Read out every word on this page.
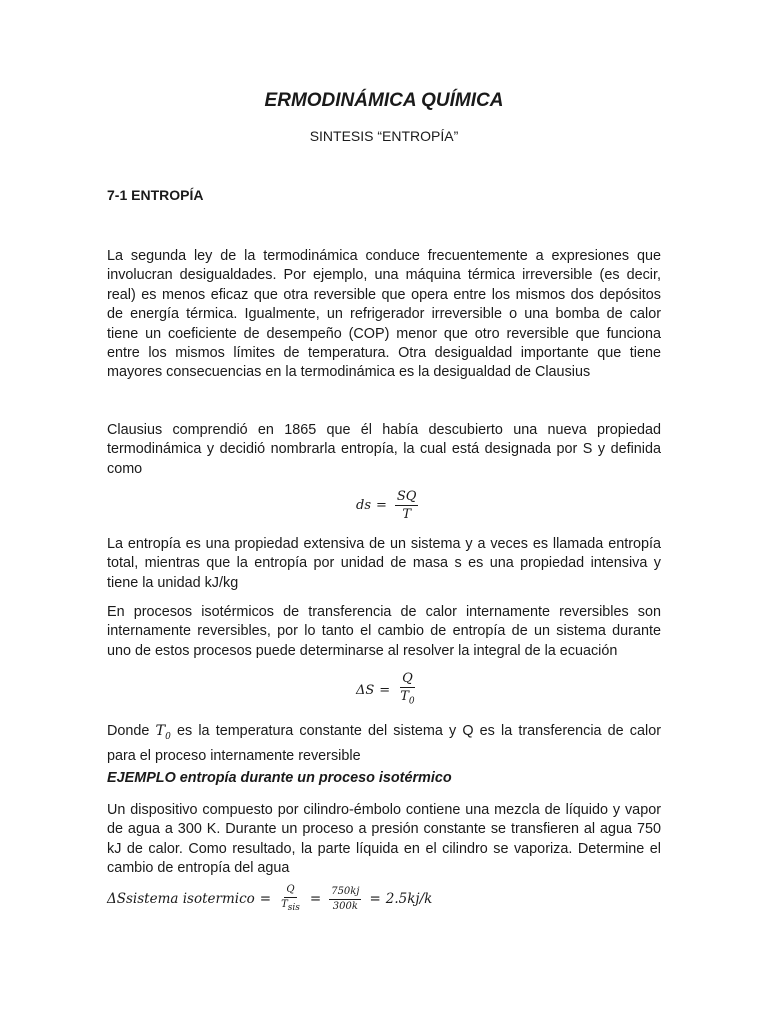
ERMODINÁMICA QUÍMICA
SINTESIS “ENTROPÍA”
7-1 ENTROPÍA

La segunda ley de la termodinámica conduce frecuentemente a expresiones que involucran desigualdades. Por ejemplo, una máquina térmica irreversible (es decir, real) es menos eficaz que otra reversible que opera entre los mismos dos depósitos de energía térmica. Igualmente, un refrigerador irreversible o una bomba de calor tiene un coeficiente de desempeño (COP) menor que otro reversible que funciona entre los mismos límites de temperatura. Otra desigualdad importante que tiene mayores consecuencias en la termodinámica es la desigualdad de Clausius

Clausius comprendió en 1865 que él había descubierto una nueva propiedad termodinámica y decidió nombrarla entropía, la cual está designada por S y definida como

ds = $\frac{SQ}{T}$

La entropía es una propiedad extensiva de un sistema y a veces es llamada entropía total, mientras que la entropía por unidad de masa s es una propiedad intensiva y tiene la unidad kJ/kg

En procesos isotérmicos de transferencia de calor internamente reversibles son internamente reversibles, por lo tanto el cambio de entropía de un sistema durante uno de estos procesos puede determinarse al resolver la integral de la ecuación

$\Delta S = \frac{Q}{T_0}$

Donde $T_0$ es la temperatura constante del sistema y Q es la transferencia de calor para el proceso internamente reversible

EJEMPLO entropía durante un proceso isotérmico

Un dispositivo compuesto por cilindro-émbolo contiene una mezcla de líquido y vapor de agua a 300 K. Durante un proceso a presión constante se transfieren al agua 750 kJ de calor. Como resultado, la parte líquida en el cilindro se vaporiza. Determine el cambio de entropía del agua

ΔSsistema isotermico = $\frac{Q}{T_{sis}} = \frac{750kj}{300k} = 2.5kj/k$
